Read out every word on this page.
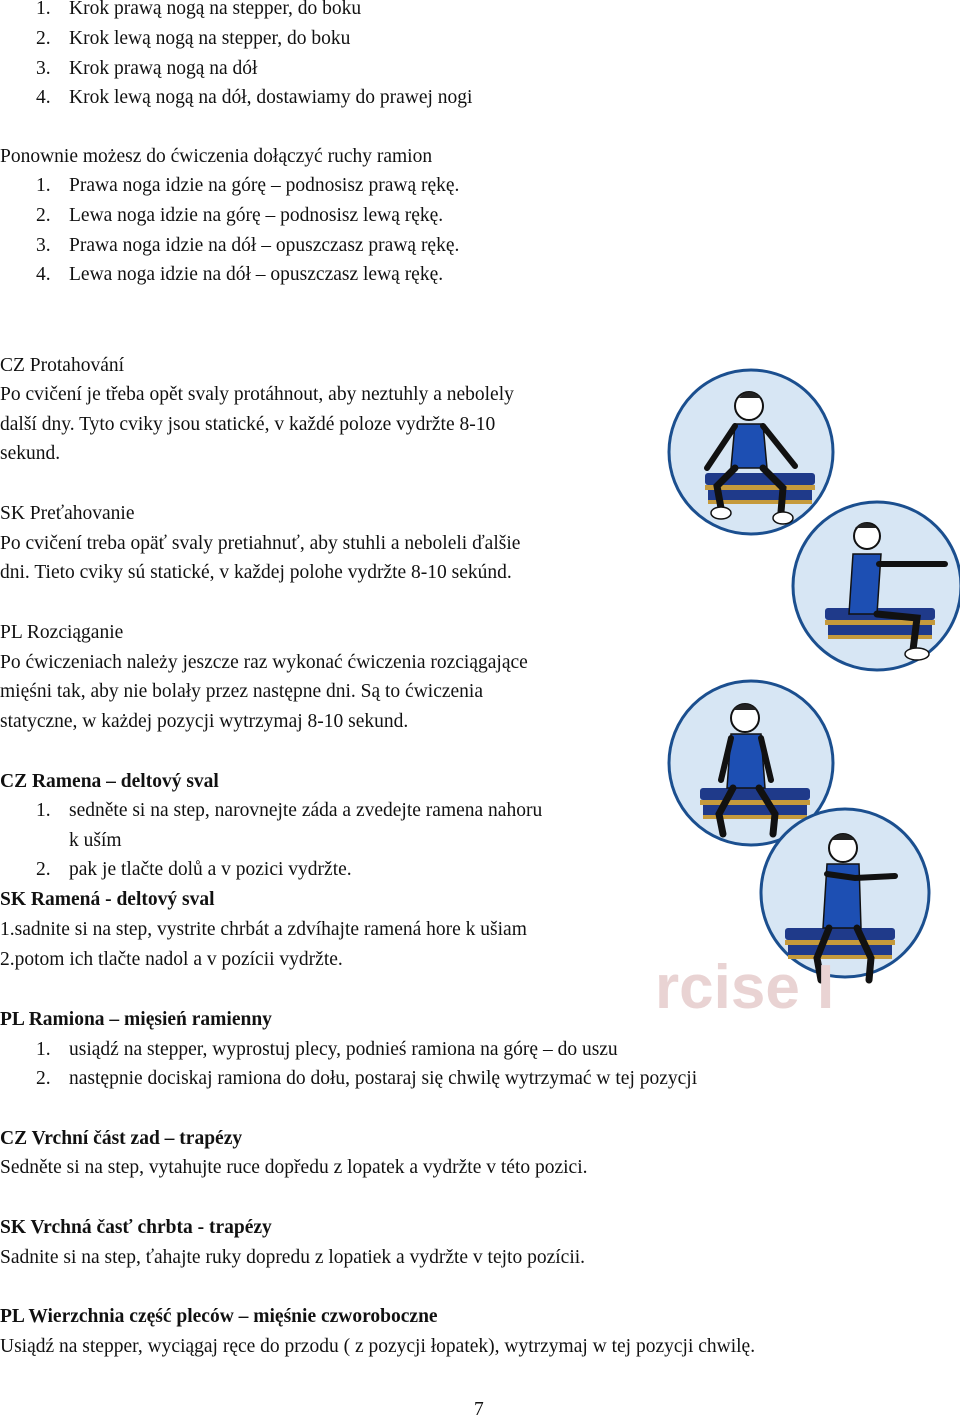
1. Krok prawą nogą na stepper, do boku
2. Krok lewą nogą na stepper, do boku
3. Krok prawą nogą na dół
4. Krok lewą nogą na dół, dostawiamy do prawej nogi
Ponownie możesz do ćwiczenia dołączyć ruchy ramion
1. Prawa noga idzie na górę – podnosisz prawą rękę.
2. Lewa noga idzie na górę – podnosisz lewą rękę.
3. Prawa noga idzie na dół – opuszczasz prawą rękę.
4. Lewa noga idzie na dół – opuszczasz lewą rękę.
CZ Protahování
Po cvičení je třeba opět svaly protáhnout, aby neztuhly a nebolely
další dny. Tyto cviky jsou statické, v každé poloze vydržte 8-10
sekund.
SK Preťahovanie
Po cvičení treba opäť svaly pretiahnuť, aby stuhli a neboleli ďalšie
dni. Tieto cviky sú statické, v každej polohe vydržte 8-10 sekúnd.
PL Rozciąganie
Po ćwiczeniach należy jeszcze raz wykonać ćwiczenia rozciągające
mięśni tak, aby nie bolały przez następne dni. Są to ćwiczenia
statyczne, w każdej pozycji wytrzymaj 8-10 sekund.
CZ Ramena – deltový sval
1. sedněte si na step, narovnejte záda a zvedejte ramena nahoru
k uším
2. pak je tlačte dolů a v pozici vydržte.
SK Ramená - deltový sval
1.sadnite si na step, vystrite chrbát a zdvíhajte ramená hore k ušiam
2.potom ich tlačte nadol a v pozícii vydržte.
PL Ramiona – mięsień ramienny
1. usiądź na stepper, wyprostuj plecy, podnieś ramiona na górę – do uszu
2. następnie dociskaj ramiona do dołu, postaraj się chwilę wytrzymać w tej pozycji
CZ Vrchní část zad – trapézy
Sedněte si na step, vytahujte ruce dopředu z lopatek a vydržte v této pozici.
SK Vrchná časť chrbta - trapézy
Sadnite si na step, ťahajte ruky dopredu z lopatiek a vydržte v tejto pozícii.
PL Wierzchnia część pleców – mięśnie czworoboczne
Usiądź na stepper, wyciągaj ręce do przodu ( z pozycji łopatek), wytrzymaj w tej pozycji chwilę.
7
rcise I
